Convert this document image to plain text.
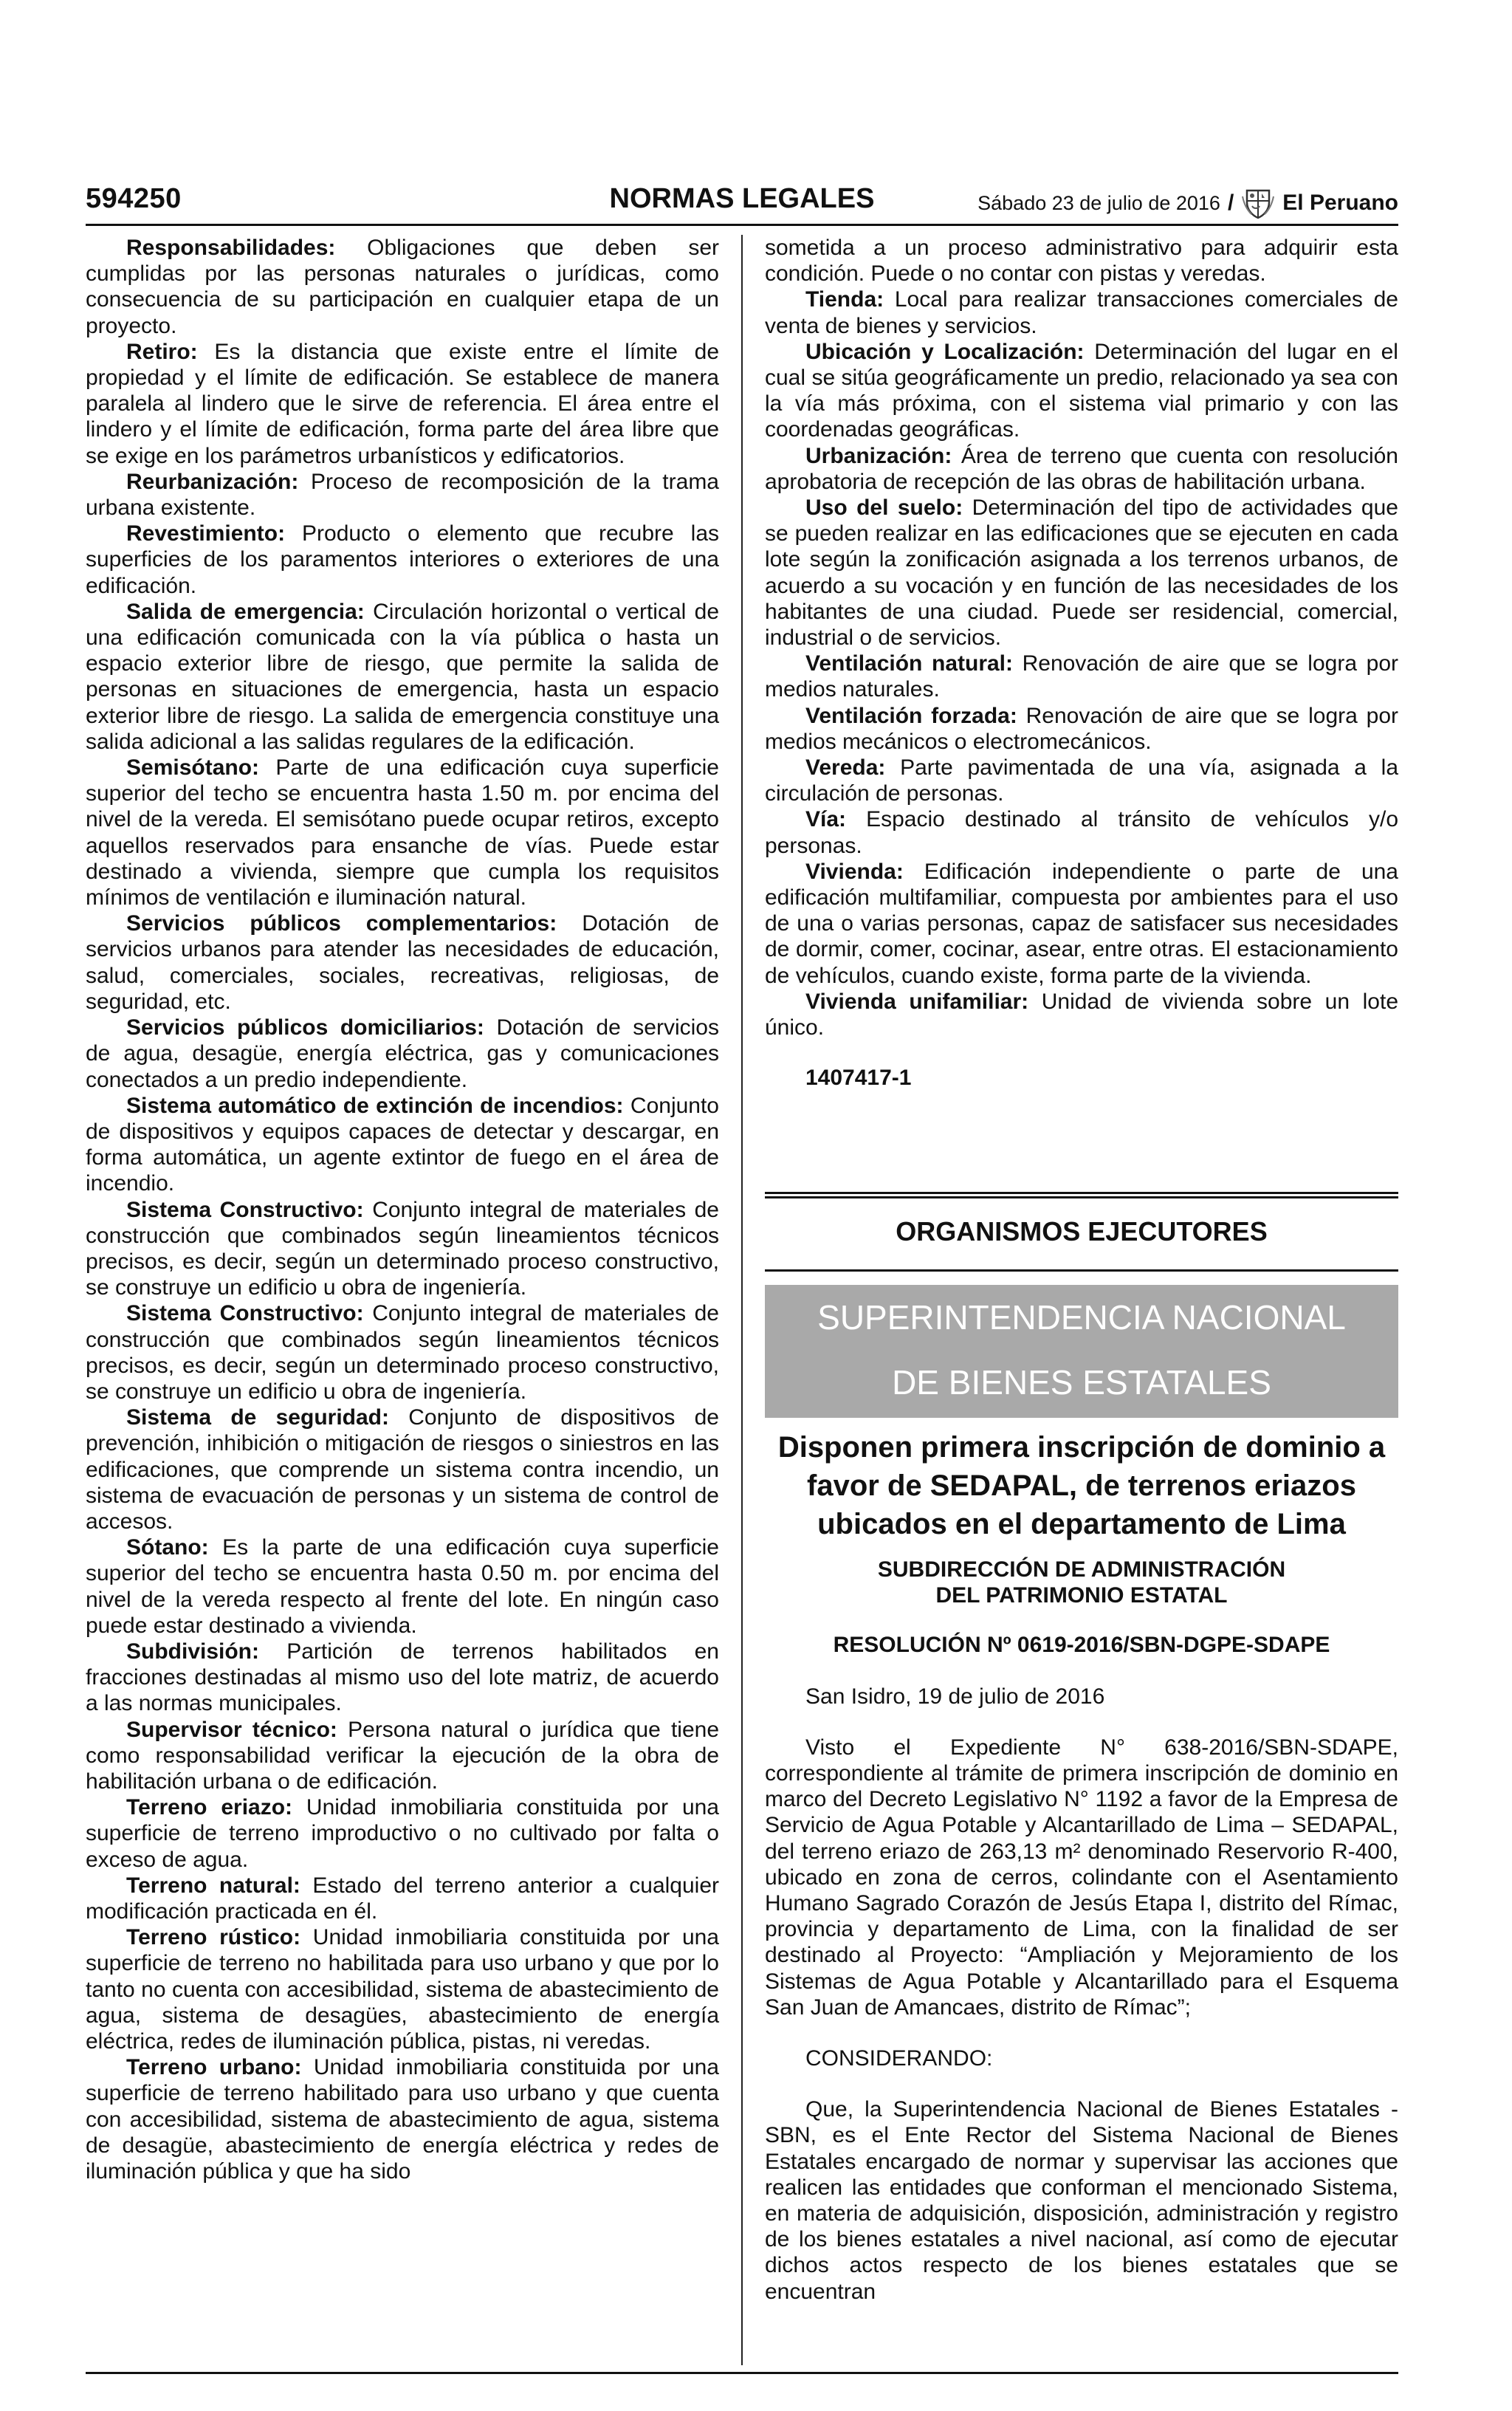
594250	NORMAS LEGALES	Sábado 23 de julio de 2016 / El Peruano

Responsabilidades: Obligaciones que deben ser cumplidas por las personas naturales o jurídicas, como consecuencia de su participación en cualquier etapa de un proyecto.

Retiro: Es la distancia que existe entre el límite de propiedad y el límite de edificación. Se establece de manera paralela al lindero que le sirve de referencia. El área entre el lindero y el límite de edificación, forma parte del área libre que se exige en los parámetros urbanísticos y edificatorios.

Reurbanización: Proceso de recomposición de la trama urbana existente.

Revestimiento: Producto o elemento que recubre las superficies de los paramentos interiores o exteriores de una edificación.

Salida de emergencia: Circulación horizontal o vertical de una edificación comunicada con la vía pública o hasta un espacio exterior libre de riesgo, que permite la salida de personas en situaciones de emergencia, hasta un espacio exterior libre de riesgo. La salida de emergencia constituye una salida adicional a las salidas regulares de la edificación.

Semisótano: Parte de una edificación cuya superficie superior del techo se encuentra hasta 1.50 m. por encima del nivel de la vereda. El semisótano puede ocupar retiros, excepto aquellos reservados para ensanche de vías. Puede estar destinado a vivienda, siempre que cumpla los requisitos mínimos de ventilación e iluminación natural.

Servicios públicos complementarios: Dotación de servicios urbanos para atender las necesidades de educación, salud, comerciales, sociales, recreativas, religiosas, de seguridad, etc.

Servicios públicos domiciliarios: Dotación de servicios de agua, desagüe, energía eléctrica, gas y comunicaciones conectados a un predio independiente.

Sistema automático de extinción de incendios: Conjunto de dispositivos y equipos capaces de detectar y descargar, en forma automática, un agente extintor de fuego en el área de incendio.

Sistema Constructivo: Conjunto integral de materiales de construcción que combinados según lineamientos técnicos precisos, es decir, según un determinado proceso constructivo, se construye un edificio u obra de ingeniería.

Sistema Constructivo: Conjunto integral de materiales de construcción que combinados según lineamientos técnicos precisos, es decir, según un determinado proceso constructivo, se construye un edificio u obra de ingeniería.

Sistema de seguridad: Conjunto de dispositivos de prevención, inhibición o mitigación de riesgos o siniestros en las edificaciones, que comprende un sistema contra incendio, un sistema de evacuación de personas y un sistema de control de accesos.

Sótano: Es la parte de una edificación cuya superficie superior del techo se encuentra hasta 0.50 m. por encima del nivel de la vereda respecto al frente del lote. En ningún caso puede estar destinado a vivienda.

Subdivisión: Partición de terrenos habilitados en fracciones destinadas al mismo uso del lote matriz, de acuerdo a las normas municipales.

Supervisor técnico: Persona natural o jurídica que tiene como responsabilidad verificar la ejecución de la obra de habilitación urbana o de edificación.

Terreno eriazo: Unidad inmobiliaria constituida por una superficie de terreno improductivo o no cultivado por falta o exceso de agua.

Terreno natural: Estado del terreno anterior a cualquier modificación practicada en él.

Terreno rústico: Unidad inmobiliaria constituida por una superficie de terreno no habilitada para uso urbano y que por lo tanto no cuenta con accesibilidad, sistema de abastecimiento de agua, sistema de desagües, abastecimiento de energía eléctrica, redes de iluminación pública, pistas, ni veredas.

Terreno urbano: Unidad inmobiliaria constituida por una superficie de terreno habilitado para uso urbano y que cuenta con accesibilidad, sistema de abastecimiento de agua, sistema de desagüe, abastecimiento de energía eléctrica y redes de iluminación pública y que ha sido

sometida a un proceso administrativo para adquirir esta condición. Puede o no contar con pistas y veredas.

Tienda: Local para realizar transacciones comerciales de venta de bienes y servicios.

Ubicación y Localización: Determinación del lugar en el cual se sitúa geográficamente un predio, relacionado ya sea con la vía más próxima, con el sistema vial primario y con las coordenadas geográficas.

Urbanización: Área de terreno que cuenta con resolución aprobatoria de recepción de las obras de habilitación urbana.

Uso del suelo: Determinación del tipo de actividades que se pueden realizar en las edificaciones que se ejecuten en cada lote según la zonificación asignada a los terrenos urbanos, de acuerdo a su vocación y en función de las necesidades de los habitantes de una ciudad. Puede ser residencial, comercial, industrial o de servicios.

Ventilación natural: Renovación de aire que se logra por medios naturales.

Ventilación forzada: Renovación de aire que se logra por medios mecánicos o electromecánicos.

Vereda: Parte pavimentada de una vía, asignada a la circulación de personas.

Vía: Espacio destinado al tránsito de vehículos y/o personas.

Vivienda: Edificación independiente o parte de una edificación multifamiliar, compuesta por ambientes para el uso de una o varias personas, capaz de satisfacer sus necesidades de dormir, comer, cocinar, asear, entre otras. El estacionamiento de vehículos, cuando existe, forma parte de la vivienda.

Vivienda unifamiliar: Unidad de vivienda sobre un lote único.

1407417-1
ORGANISMOS EJECUTORES
SUPERINTENDENCIA NACIONAL
DE BIENES ESTATALES
Disponen primera inscripción de dominio a favor de SEDAPAL, de terrenos eriazos ubicados en el departamento de Lima
SUBDIRECCIÓN DE ADMINISTRACIÓN
DEL PATRIMONIO ESTATAL
RESOLUCIÓN Nº 0619-2016/SBN-DGPE-SDAPE

San Isidro, 19 de julio de 2016

Visto el Expediente N° 638-2016/SBN-SDAPE, correspondiente al trámite de primera inscripción de dominio en marco del Decreto Legislativo N° 1192 a favor de la Empresa de Servicio de Agua Potable y Alcantarillado de Lima – SEDAPAL, del terreno eriazo de 263,13 m² denominado Reservorio R-400, ubicado en zona de cerros, colindante con el Asentamiento Humano Sagrado Corazón de Jesús Etapa I, distrito del Rímac, provincia y departamento de Lima, con la finalidad de ser destinado al Proyecto: “Ampliación y Mejoramiento de los Sistemas de Agua Potable y Alcantarillado para el Esquema San Juan de Amancaes, distrito de Rímac”;

CONSIDERANDO:

Que, la Superintendencia Nacional de Bienes Estatales - SBN, es el Ente Rector del Sistema Nacional de Bienes Estatales encargado de normar y supervisar las acciones que realicen las entidades que conforman el mencionado Sistema, en materia de adquisición, disposición, administración y registro de los bienes estatales a nivel nacional, así como de ejecutar dichos actos respecto de los bienes estatales que se encuentran
